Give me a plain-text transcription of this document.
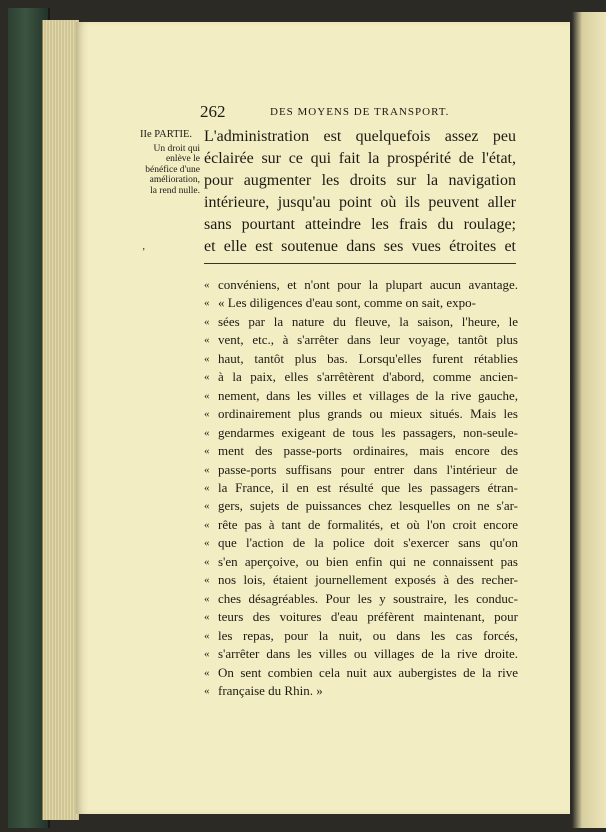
262	DES MOYENS DE TRANSPORT.
IIe PARTIE.
Un droit qui
enlève le
bénéfice d'une
amélioration,
la rend nulle.
’
L'administration est quelquefois assez peu
éclairée sur ce qui fait la prospérité de l'état,
pour augmenter les droits sur la navigation
intérieure, jusqu'au point où ils peuvent aller
sans pourtant atteindre les frais du roulage;
et elle est soutenue dans ses vues étroites et
« convéniens, et n'ont pour la plupart aucun avantage.
« « Les diligences d'eau sont, comme on sait, expo-
« sées par la nature du fleuve, la saison, l'heure, le
« vent, etc., à s'arrêter dans leur voyage, tantôt plus
« haut, tantôt plus bas. Lorsqu'elles furent rétablies
« à la paix, elles s'arrêtèrent d'abord, comme ancien-
« nement, dans les villes et villages de la rive gauche,
« ordinairement plus grands ou mieux situés. Mais les
« gendarmes exigeant de tous les passagers, non-seule-
« ment des passe-ports ordinaires, mais encore des
« passe-ports suffisans pour entrer dans l'intérieur de
« la France, il en est résulté que les passagers étran-
« gers, sujets de puissances chez lesquelles on ne s'ar-
« rête pas à tant de formalités, et où l'on croit encore
« que l'action de la police doit s'exercer sans qu'on
« s'en aperçoive, ou bien enfin qui ne connaissent pas
« nos lois, étaient journellement exposés à des recher-
« ches désagréables. Pour les y soustraire, les conduc-
« teurs des voitures d'eau préfèrent maintenant, pour
« les repas, pour la nuit, ou dans les cas forcés,
« s'arrêter dans les villes ou villages de la rive droite.
« On sent combien cela nuit aux aubergistes de la rive
« française du Rhin. »
